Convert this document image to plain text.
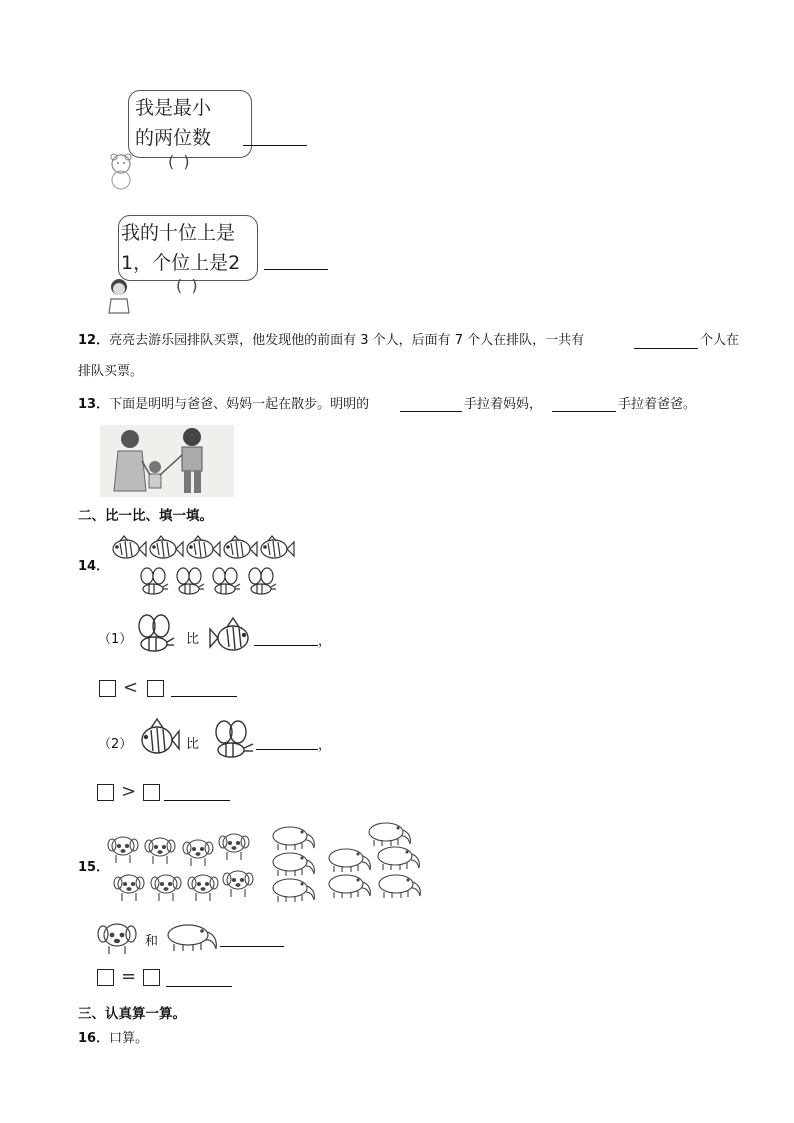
我是最小
的两位数
( )
我的十位上是
1，个位上是2
( )
12．亮亮去游乐园排队买票，他发现他的前面有 3 个人，后面有 7 个人在排队，一共有	个人在
排队买票。
13．下面是明明与爸爸、妈妈一起在散步。明明的	手拉着妈妈，	手拉着爸爸。
二、比一比、填一填。
14．
（1）	比	，
<
（2）	比	，
>
15．
和
=
三、认真算一算。
16．口算。
